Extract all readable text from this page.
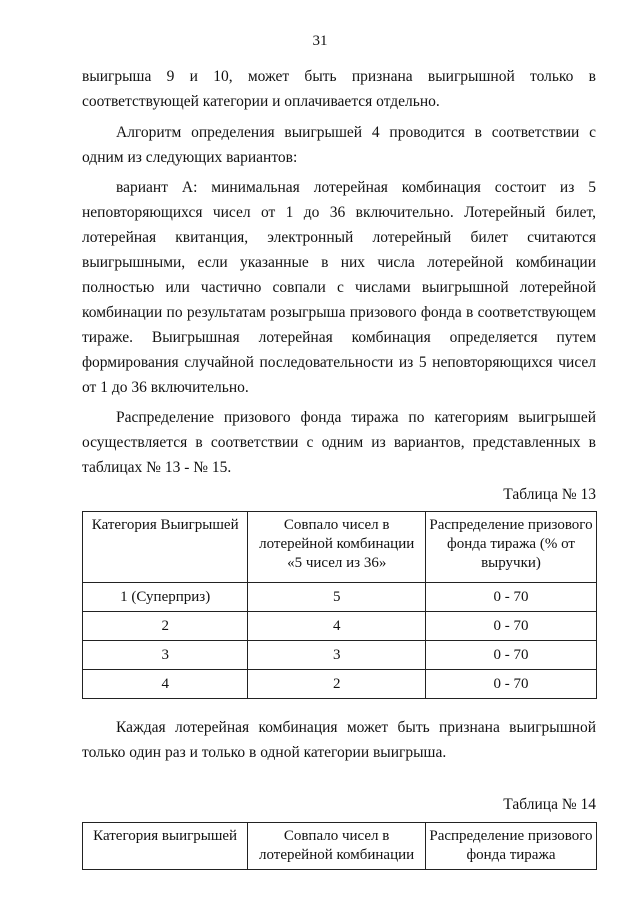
31

выигрыша 9 и 10, может быть признана выигрышной только в соответствующей категории и оплачивается отдельно.

Алгоритм определения выигрышей 4 проводится в соответствии с одним из следующих вариантов:

вариант А: минимальная лотерейная комбинация состоит из 5 неповторяющихся чисел от 1 до 36 включительно. Лотерейный билет, лотерейная квитанция, электронный лотерейный билет считаются выигрышными, если указанные в них числа лотерейной комбинации полностью или частично совпали с числами выигрышной лотерейной комбинации по результатам розыгрыша призового фонда в соответствующем тираже. Выигрышная лотерейная комбинация определяется путем формирования случайной последовательности из 5 неповторяющихся чисел от 1 до 36 включительно.

Распределение призового фонда тиража по категориям выигрышей осуществляется в соответствии с одним из вариантов, представленных в таблицах № 13 - № 15.

Таблица № 13
Категория Выигрышей	Совпало чисел в лотерейной комбинации «5 чисел из 36»	Распределение призового фонда тиража (% от выручки)
1 (Суперприз)	5	0 - 70
2	4	0 - 70
3	3	0 - 70
4	2	0 - 70

Каждая лотерейная комбинация может быть признана выигрышной только один раз и только в одной категории выигрыша.

Таблица № 14
Категория выигрышей	Совпало чисел в лотерейной комбинации	Распределение призового фонда тиража
